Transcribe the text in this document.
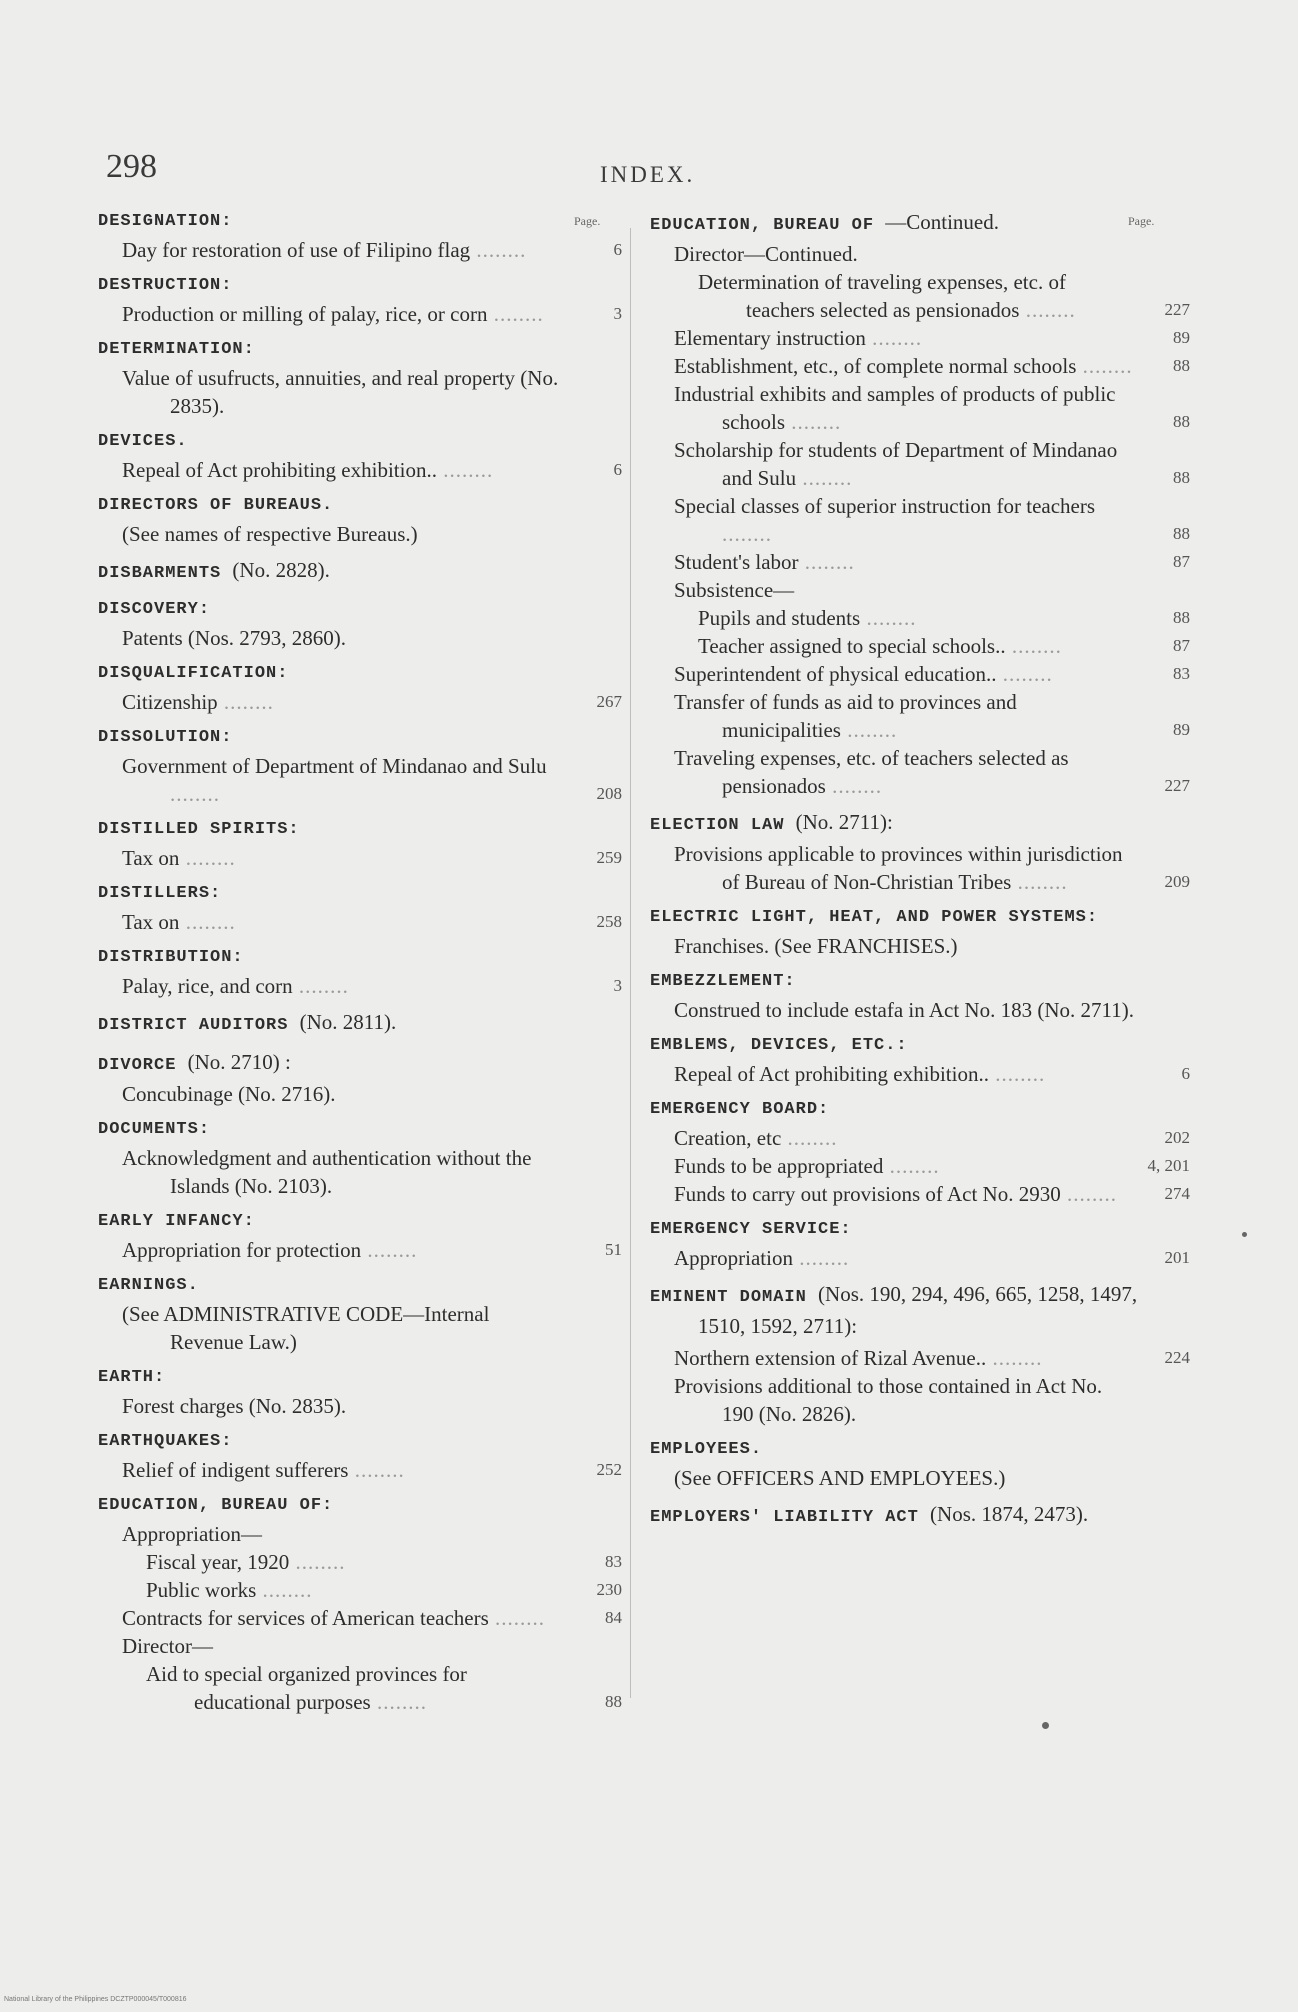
298	INDEX.
Page.	Page.
DESIGNATION:
Day for restoration of use of Filipino flag ........	6
DESTRUCTION:
Production or milling of palay, rice, or corn ........	3
DETERMINATION:
Value of usufructs, annuities, and real property (No. 2835).
DEVICES.
Repeal of Act prohibiting exhibition.. ........	6
DIRECTORS OF BUREAUS.
(See names of respective Bureaus.)
DISBARMENTS (No. 2828).
DISCOVERY:
Patents (Nos. 2793, 2860).
DISQUALIFICATION:
Citizenship ........	267
DISSOLUTION:
Government of Department of Mindanao and Sulu ........	208
DISTILLED SPIRITS:
Tax on ........	259
DISTILLERS:
Tax on ........	258
DISTRIBUTION:
Palay, rice, and corn ........	3
DISTRICT AUDITORS (No. 2811).
DIVORCE (No. 2710) :
Concubinage (No. 2716).
DOCUMENTS:
Acknowledgment and authentication without the Islands (No. 2103).
EARLY INFANCY:
Appropriation for protection ........	51
EARNINGS.
(See ADMINISTRATIVE CODE—Internal Revenue Law.)
EARTH:
Forest charges (No. 2835).
EARTHQUAKES:
Relief of indigent sufferers ........	252
EDUCATION, BUREAU OF:
Appropriation—
Fiscal year, 1920 ........	83
Public works ........	230
Contracts for services of American teachers ........	84
Director—
Aid to special organized provinces for educational purposes ........	88
EDUCATION, BUREAU OF —Continued.
Director—Continued.
Determination of traveling expenses, etc. of teachers selected as pensionados ........	227
Elementary instruction ........	89
Establishment, etc., of complete normal schools ........ 88
Industrial exhibits and samples of products of public schools ........	88
Scholarship for students of Department of Mindanao and Sulu ........	88
Special classes of superior instruction for teachers ........	88
Student's labor ........	87
Subsistence—
Pupils and students ........	88
Teacher assigned to special schools.. ........	87
Superintendent of physical education.. ........	83
Transfer of funds as aid to provinces and municipalities ........	89
Traveling expenses, etc. of teachers selected as pensionados ........	227
ELECTION LAW (No. 2711):
Provisions applicable to provinces within jurisdiction of Bureau of Non-Christian Tribes ........	209
ELECTRIC LIGHT, HEAT, AND POWER SYSTEMS:
Franchises. (See FRANCHISES.)
EMBEZZLEMENT:
Construed to include estafa in Act No. 183 (No. 2711).
EMBLEMS, DEVICES, ETC.:
Repeal of Act prohibiting exhibition.. ........	6
EMERGENCY BOARD:
Creation, etc ........	202
Funds to be appropriated ........	4, 201
Funds to carry out provisions of Act No. 2930 ........	274
EMERGENCY SERVICE:
Appropriation ........	201
EMINENT DOMAIN (Nos. 190, 294, 496, 665, 1258, 1497, 1510, 1592, 2711):
Northern extension of Rizal Avenue.. ........	224
Provisions additional to those contained in Act No. 190 (No. 2826).
EMPLOYEES.
(See OFFICERS AND EMPLOYEES.)
EMPLOYERS' LIABILITY ACT (Nos. 1874, 2473).
National Library of the Philippines DCZTP000045/T000816
